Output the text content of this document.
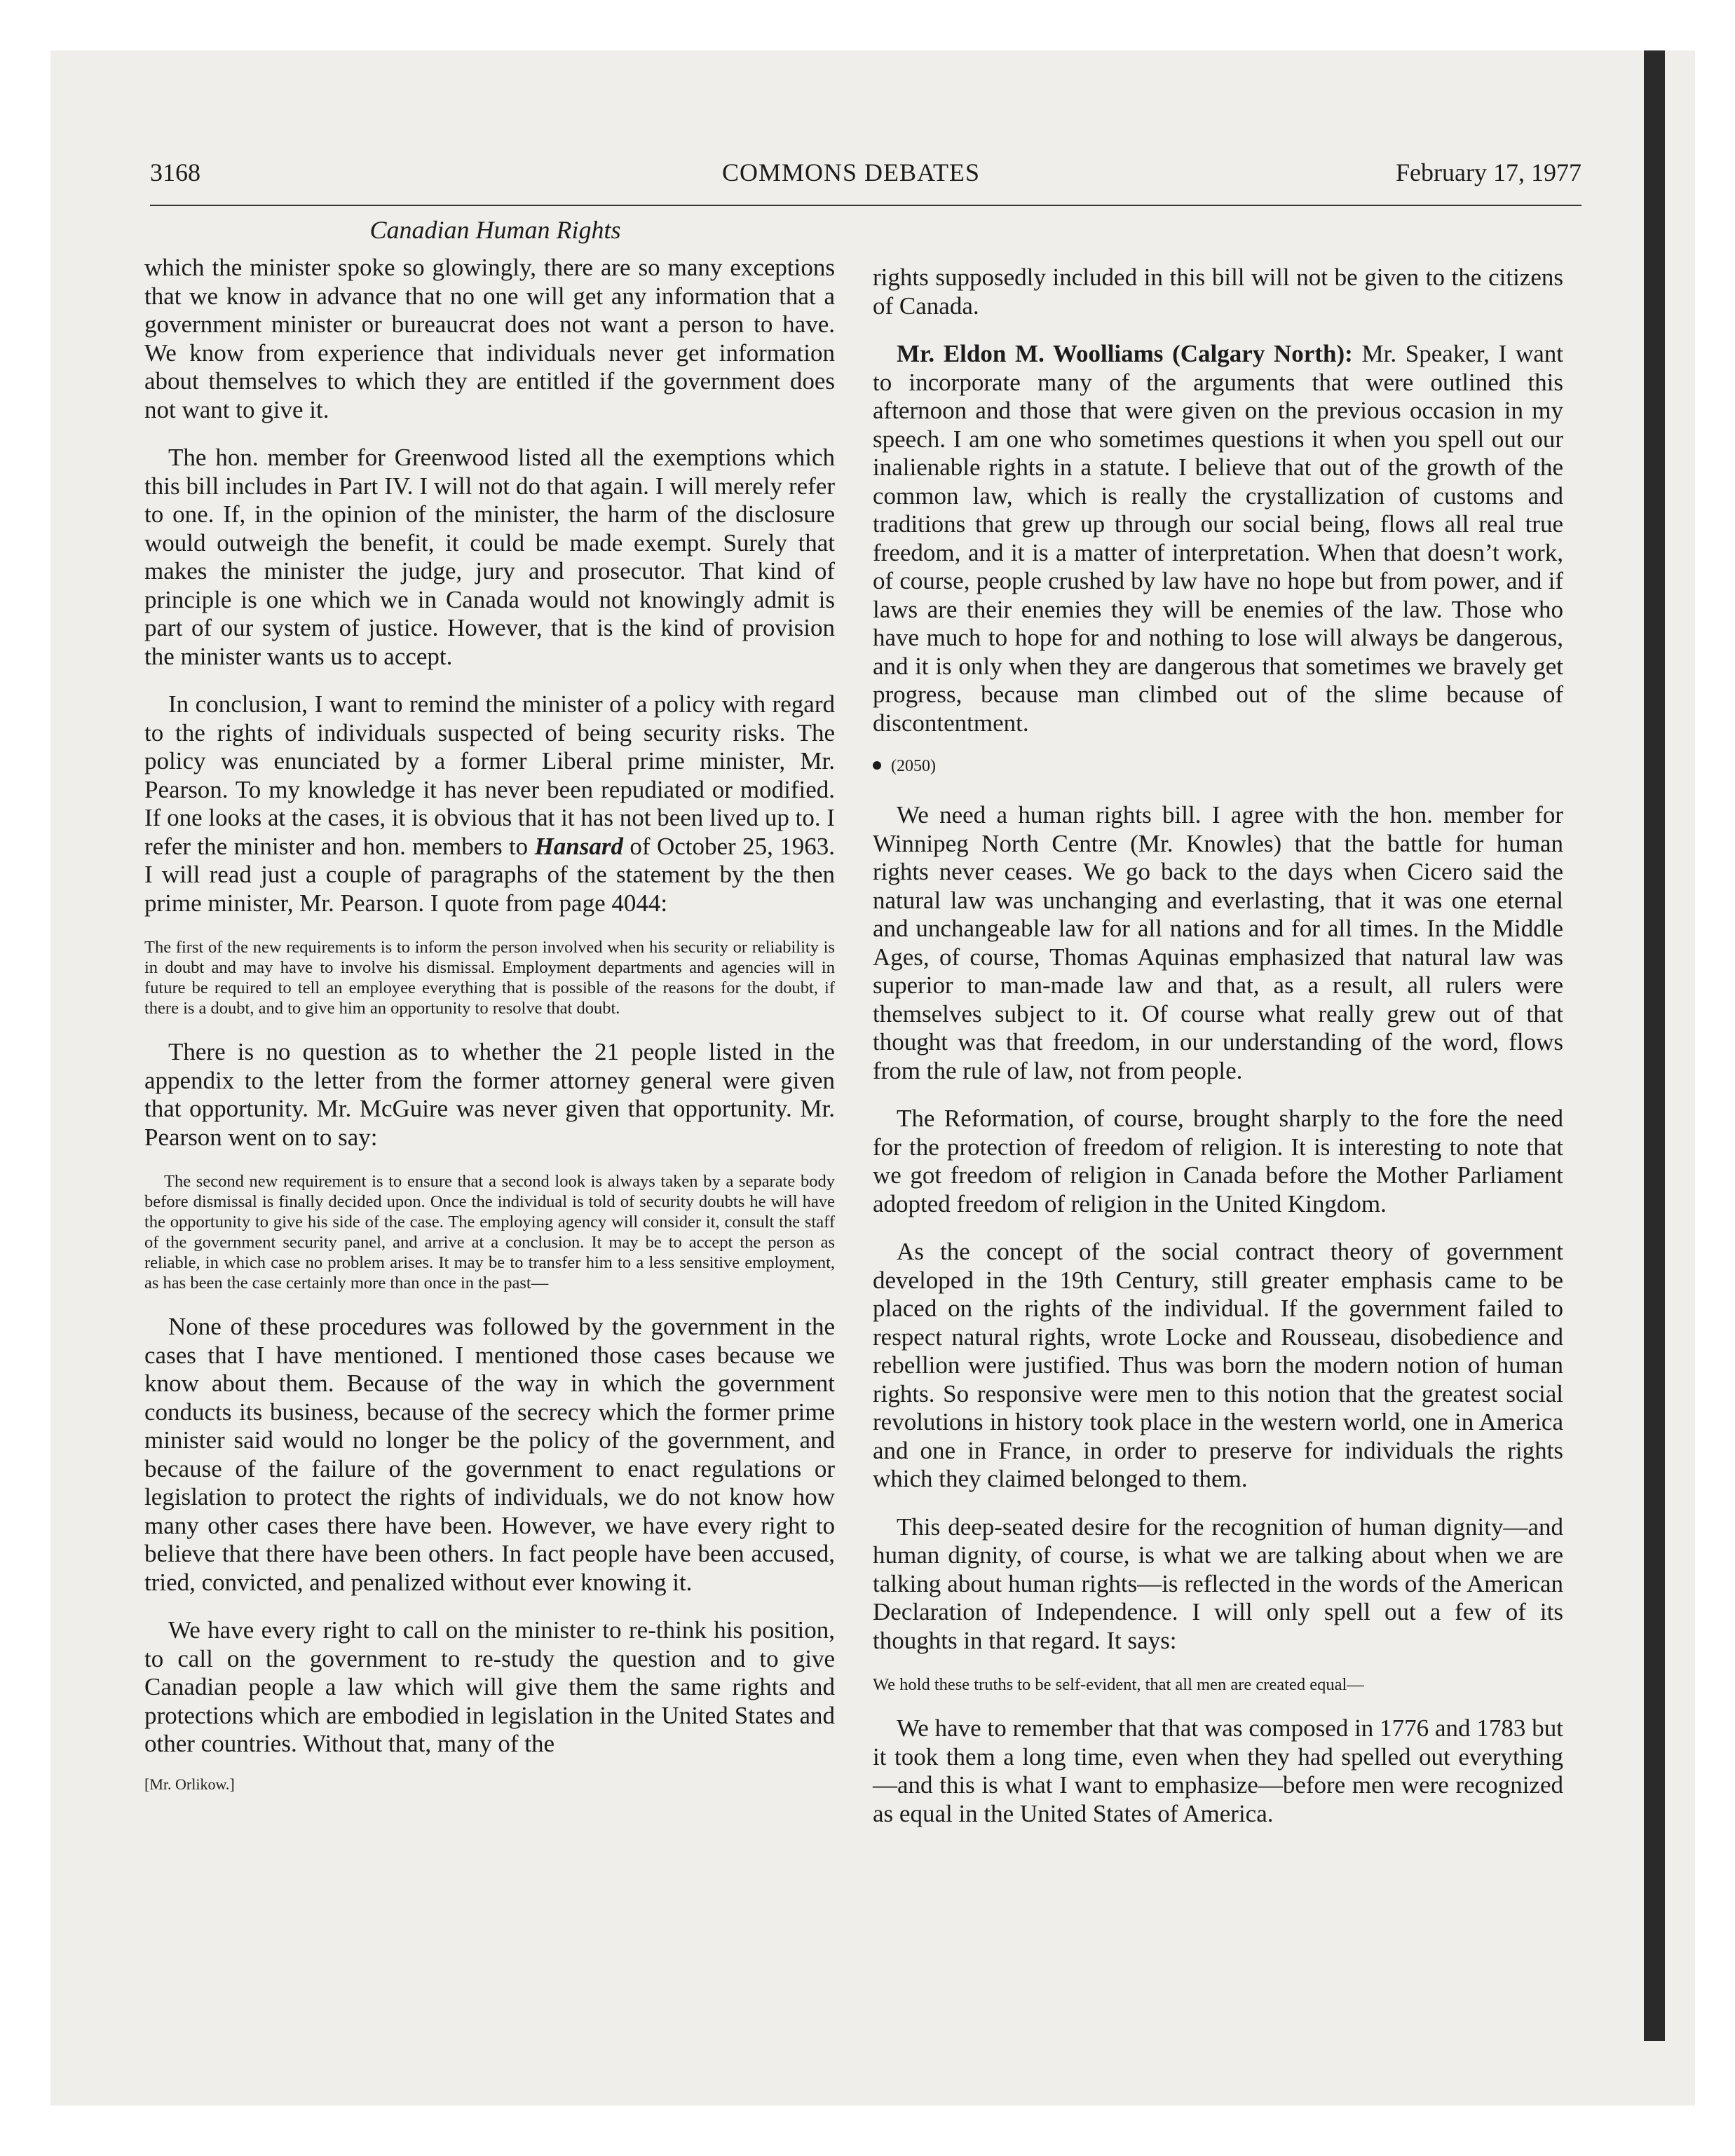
3168	COMMONS DEBATES	February 17, 1977
Canadian Human Rights

which the minister spoke so glowingly, there are so many exceptions that we know in advance that no one will get any information that a government minister or bureaucrat does not want a person to have. We know from experience that individuals never get information about themselves to which they are entitled if the government does not want to give it.

The hon. member for Greenwood listed all the exemptions which this bill includes in Part IV. I will not do that again. I will merely refer to one. If, in the opinion of the minister, the harm of the disclosure would outweigh the benefit, it could be made exempt. Surely that makes the minister the judge, jury and prosecutor. That kind of principle is one which we in Canada would not knowingly admit is part of our system of justice. However, that is the kind of provision the minister wants us to accept.

In conclusion, I want to remind the minister of a policy with regard to the rights of individuals suspected of being security risks. The policy was enunciated by a former Liberal prime minister, Mr. Pearson. To my knowledge it has never been repudiated or modified. If one looks at the cases, it is obvious that it has not been lived up to. I refer the minister and hon. members to Hansard of October 25, 1963. I will read just a couple of paragraphs of the statement by the then prime minister, Mr. Pearson. I quote from page 4044:

The first of the new requirements is to inform the person involved when his security or reliability is in doubt and may have to involve his dismissal. Employment departments and agencies will in future be required to tell an employee everything that is possible of the reasons for the doubt, if there is a doubt, and to give him an opportunity to resolve that doubt.

There is no question as to whether the 21 people listed in the appendix to the letter from the former attorney general were given that opportunity. Mr. McGuire was never given that opportunity. Mr. Pearson went on to say:

The second new requirement is to ensure that a second look is always taken by a separate body before dismissal is finally decided upon. Once the individual is told of security doubts he will have the opportunity to give his side of the case. The employing agency will consider it, consult the staff of the government security panel, and arrive at a conclusion. It may be to accept the person as reliable, in which case no problem arises. It may be to transfer him to a less sensitive employment, as has been the case certainly more than once in the past—

None of these procedures was followed by the government in the cases that I have mentioned. I mentioned those cases because we know about them. Because of the way in which the government conducts its business, because of the secrecy which the former prime minister said would no longer be the policy of the government, and because of the failure of the government to enact regulations or legislation to protect the rights of individuals, we do not know how many other cases there have been. However, we have every right to believe that there have been others. In fact people have been accused, tried, convicted, and penalized without ever knowing it.

We have every right to call on the minister to re-think his position, to call on the government to re-study the question and to give Canadian people a law which will give them the same rights and protections which are embodied in legislation in the United States and other countries. Without that, many of the

[Mr. Orlikow.]

rights supposedly included in this bill will not be given to the citizens of Canada.

Mr. Eldon M. Woolliams (Calgary North): Mr. Speaker, I want to incorporate many of the arguments that were outlined this afternoon and those that were given on the previous occasion in my speech. I am one who sometimes questions it when you spell out our inalienable rights in a statute. I believe that out of the growth of the common law, which is really the crystallization of customs and traditions that grew up through our social being, flows all real true freedom, and it is a matter of interpretation. When that doesn’t work, of course, people crushed by law have no hope but from power, and if laws are their enemies they will be enemies of the law. Those who have much to hope for and nothing to lose will always be dangerous, and it is only when they are dangerous that sometimes we bravely get progress, because man climbed out of the slime because of discontentment.

(2050)

We need a human rights bill. I agree with the hon. member for Winnipeg North Centre (Mr. Knowles) that the battle for human rights never ceases. We go back to the days when Cicero said the natural law was unchanging and everlasting, that it was one eternal and unchangeable law for all nations and for all times. In the Middle Ages, of course, Thomas Aquinas emphasized that natural law was superior to man-made law and that, as a result, all rulers were themselves subject to it. Of course what really grew out of that thought was that freedom, in our understanding of the word, flows from the rule of law, not from people.

The Reformation, of course, brought sharply to the fore the need for the protection of freedom of religion. It is interesting to note that we got freedom of religion in Canada before the Mother Parliament adopted freedom of religion in the United Kingdom.

As the concept of the social contract theory of government developed in the 19th Century, still greater emphasis came to be placed on the rights of the individual. If the government failed to respect natural rights, wrote Locke and Rousseau, disobedience and rebellion were justified. Thus was born the modern notion of human rights. So responsive were men to this notion that the greatest social revolutions in history took place in the western world, one in America and one in France, in order to preserve for individuals the rights which they claimed belonged to them.

This deep-seated desire for the recognition of human dignity—and human dignity, of course, is what we are talking about when we are talking about human rights—is reflected in the words of the American Declaration of Independence. I will only spell out a few of its thoughts in that regard. It says:

We hold these truths to be self-evident, that all men are created equal—

We have to remember that that was composed in 1776 and 1783 but it took them a long time, even when they had spelled out everything—and this is what I want to emphasize—before men were recognized as equal in the United States of America.
